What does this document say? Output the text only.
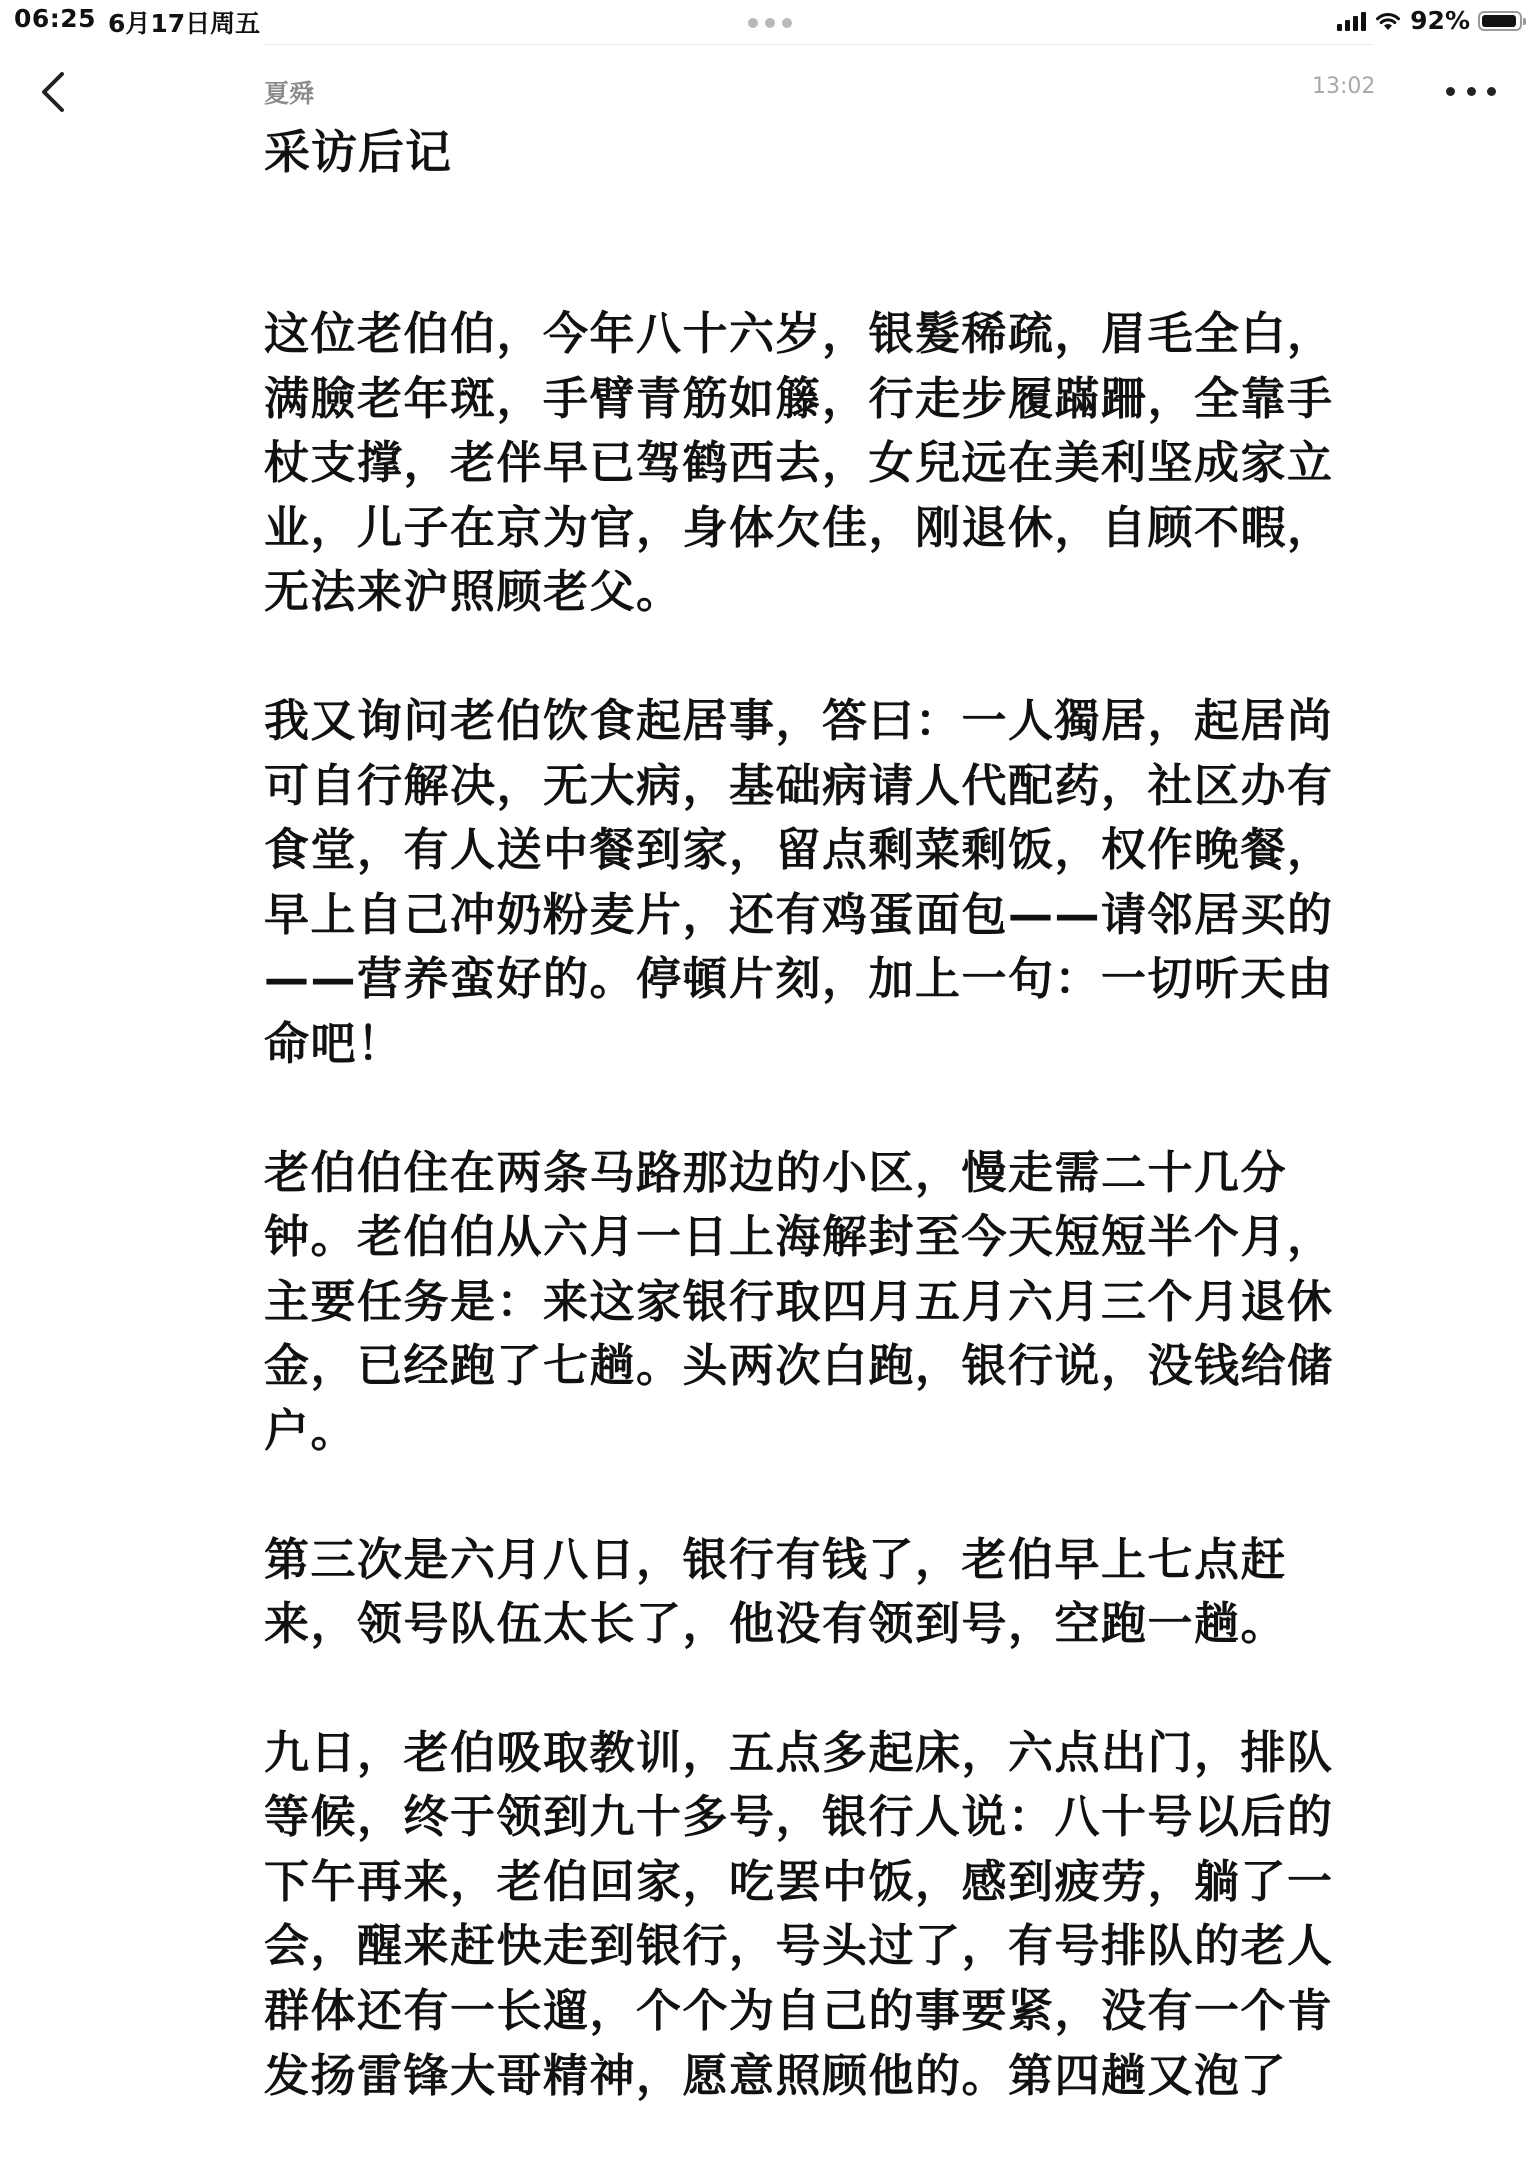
06:25 6月17日周五	92%
夏舜	13:02
采访后记

这位老伯伯，今年八十六岁，银髮稀疏，眉毛全白，满臉老年斑，手臂青筋如籐，行走步履蹣跚，全靠手杖支撑，老伴早已驾鹤西去，女兒远在美利坚成家立业，儿子在京为官，身体欠佳，刚退休，自顾不暇，无法来沪照顾老父。

我又询问老伯饮食起居事，答曰：一人獨居，起居尚可自行解决，无大病，基础病请人代配药，社区办有食堂，有人送中餐到家，留点剩菜剩饭，权作晚餐，早上自己冲奶粉麦片，还有鸡蛋面包——请邻居买的——营养蛮好的。停頓片刻，加上一句：一切听天由命吧！

老伯伯住在两条马路那边的小区，慢走需二十几分钟。老伯伯从六月一日上海解封至今天短短半个月，主要任务是：来这家银行取四月五月六月三个月退休金，已经跑了七趟。头两次白跑，银行说，没钱给储户。

第三次是六月八日，银行有钱了，老伯早上七点赶来，领号队伍太长了，他没有领到号，空跑一趟。

九日，老伯吸取教训，五点多起床，六点出门，排队等候，终于领到九十多号，银行人说：八十号以后的下午再来，老伯回家，吃罢中饭，感到疲劳，躺了一会，醒来赶快走到银行，号头过了，有号排队的老人群体还有一长遛，个个为自己的事要紧，没有一个肯发扬雷锋大哥精神，愿意照顾他的。第四趟又泡了
